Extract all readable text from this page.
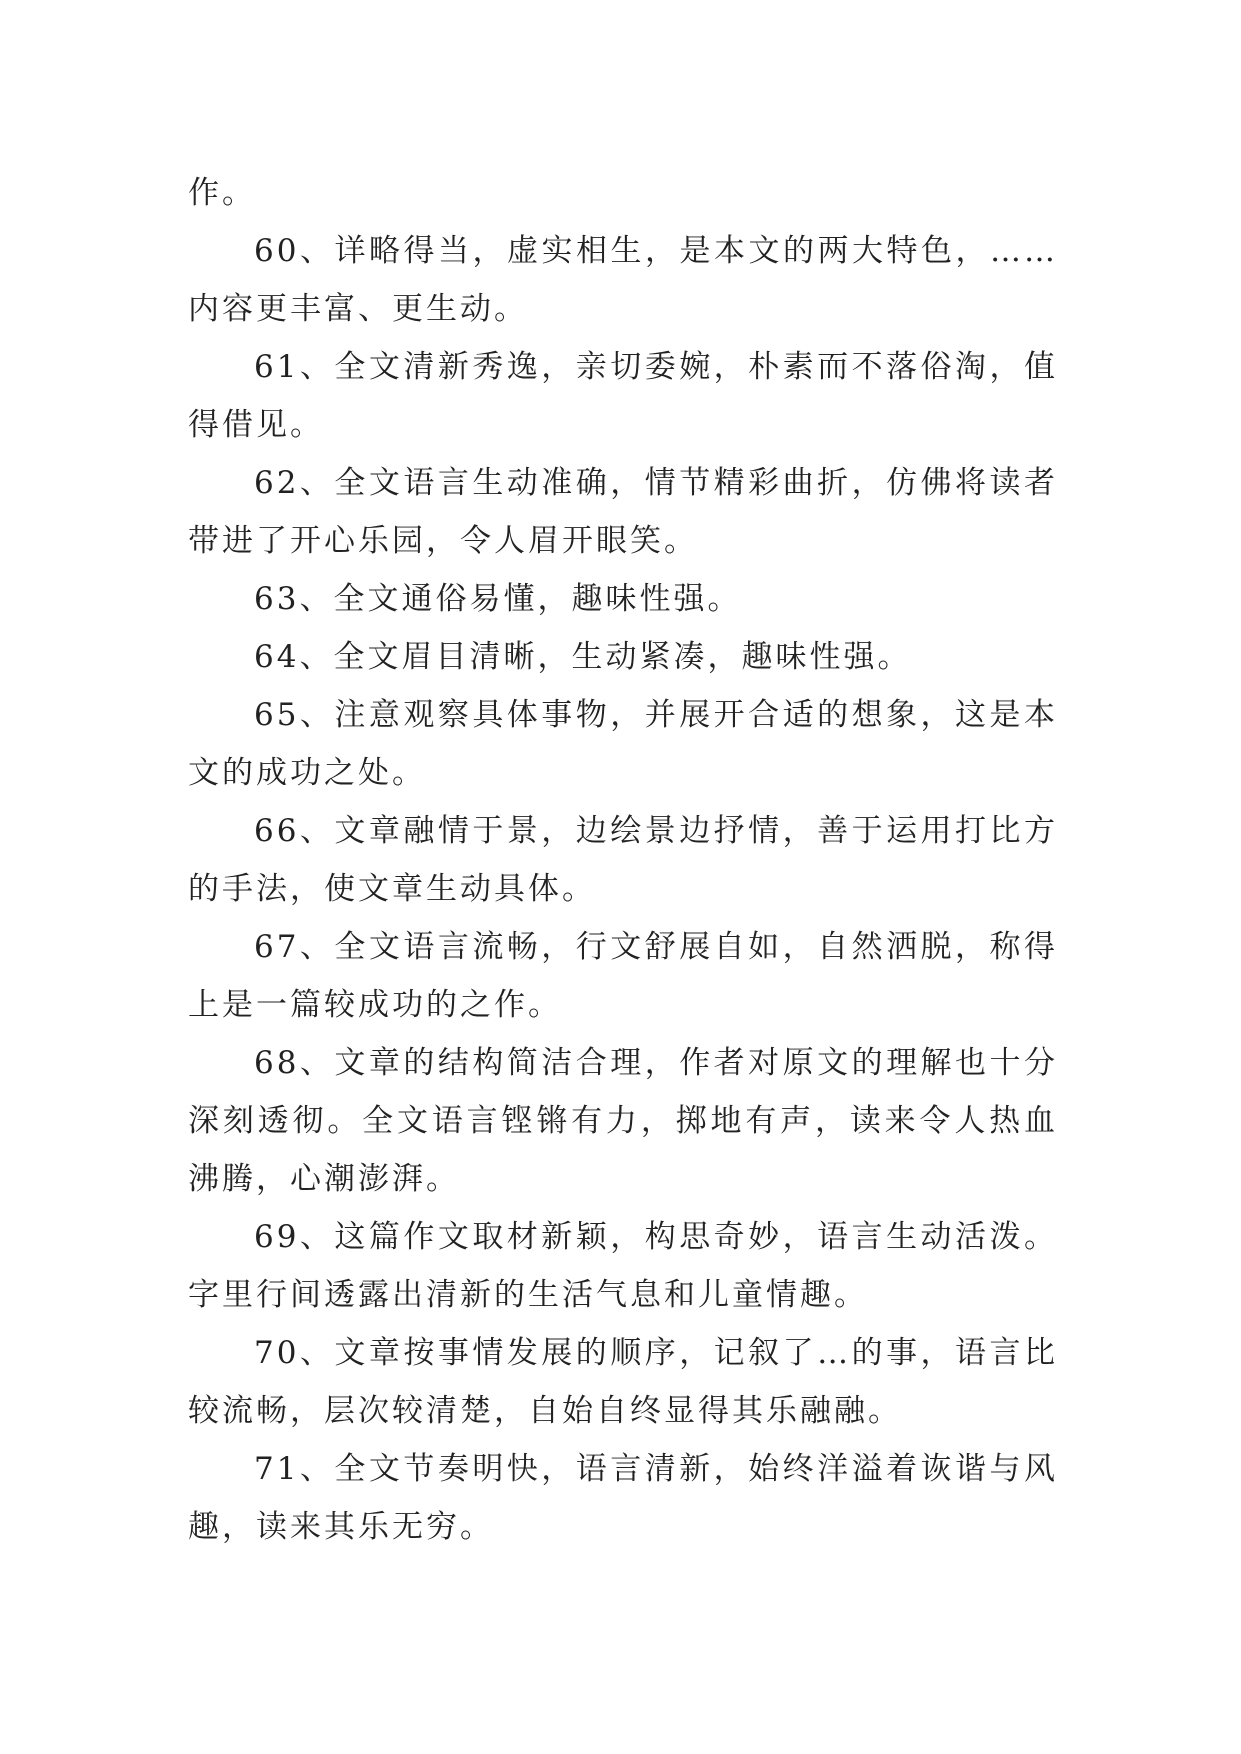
作。

60、详略得当，虚实相生，是本文的两大特色，……内容更丰富、更生动。

61、全文清新秀逸，亲切委婉，朴素而不落俗淘，值得借见。

62、全文语言生动准确，情节精彩曲折，仿佛将读者带进了开心乐园，令人眉开眼笑。

63、全文通俗易懂，趣味性强。

64、全文眉目清晰，生动紧凑，趣味性强。

65、注意观察具体事物，并展开合适的想象，这是本文的成功之处。

66、文章融情于景，边绘景边抒情，善于运用打比方的手法，使文章生动具体。

67、全文语言流畅，行文舒展自如，自然洒脱，称得上是一篇较成功的之作。

68、文章的结构简洁合理，作者对原文的理解也十分深刻透彻。全文语言铿锵有力，掷地有声，读来令人热血沸腾，心潮澎湃。

69、这篇作文取材新颖，构思奇妙，语言生动活泼。字里行间透露出清新的生活气息和儿童情趣。

70、文章按事情发展的顺序，记叙了…的事，语言比较流畅，层次较清楚，自始自终显得其乐融融。

71、全文节奏明快，语言清新，始终洋溢着诙谐与风趣，读来其乐无穷。
